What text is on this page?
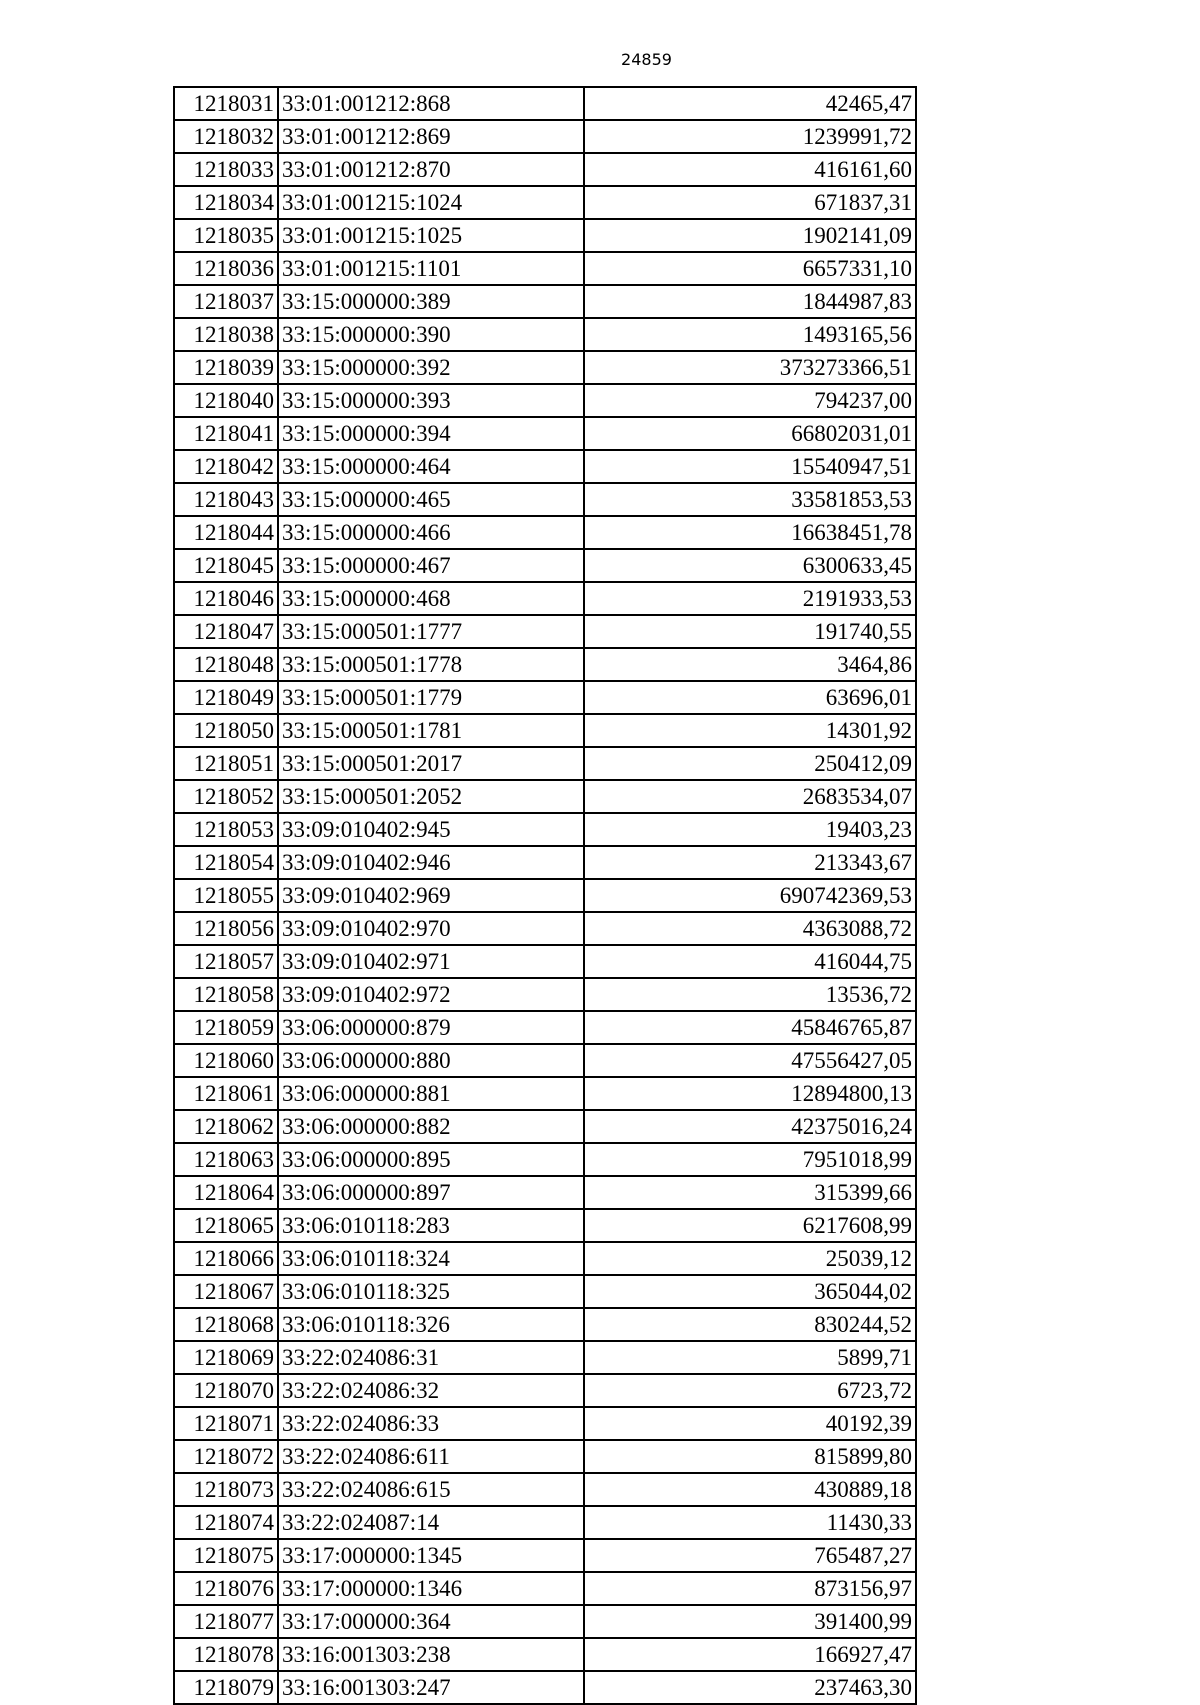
24859
1218031	33:01:001212:868	42465,47
1218032	33:01:001212:869	1239991,72
1218033	33:01:001212:870	416161,60
1218034	33:01:001215:1024	671837,31
1218035	33:01:001215:1025	1902141,09
1218036	33:01:001215:1101	6657331,10
1218037	33:15:000000:389	1844987,83
1218038	33:15:000000:390	1493165,56
1218039	33:15:000000:392	373273366,51
1218040	33:15:000000:393	794237,00
1218041	33:15:000000:394	66802031,01
1218042	33:15:000000:464	15540947,51
1218043	33:15:000000:465	33581853,53
1218044	33:15:000000:466	16638451,78
1218045	33:15:000000:467	6300633,45
1218046	33:15:000000:468	2191933,53
1218047	33:15:000501:1777	191740,55
1218048	33:15:000501:1778	3464,86
1218049	33:15:000501:1779	63696,01
1218050	33:15:000501:1781	14301,92
1218051	33:15:000501:2017	250412,09
1218052	33:15:000501:2052	2683534,07
1218053	33:09:010402:945	19403,23
1218054	33:09:010402:946	213343,67
1218055	33:09:010402:969	690742369,53
1218056	33:09:010402:970	4363088,72
1218057	33:09:010402:971	416044,75
1218058	33:09:010402:972	13536,72
1218059	33:06:000000:879	45846765,87
1218060	33:06:000000:880	47556427,05
1218061	33:06:000000:881	12894800,13
1218062	33:06:000000:882	42375016,24
1218063	33:06:000000:895	7951018,99
1218064	33:06:000000:897	315399,66
1218065	33:06:010118:283	6217608,99
1218066	33:06:010118:324	25039,12
1218067	33:06:010118:325	365044,02
1218068	33:06:010118:326	830244,52
1218069	33:22:024086:31	5899,71
1218070	33:22:024086:32	6723,72
1218071	33:22:024086:33	40192,39
1218072	33:22:024086:611	815899,80
1218073	33:22:024086:615	430889,18
1218074	33:22:024087:14	11430,33
1218075	33:17:000000:1345	765487,27
1218076	33:17:000000:1346	873156,97
1218077	33:17:000000:364	391400,99
1218078	33:16:001303:238	166927,47
1218079	33:16:001303:247	237463,30
